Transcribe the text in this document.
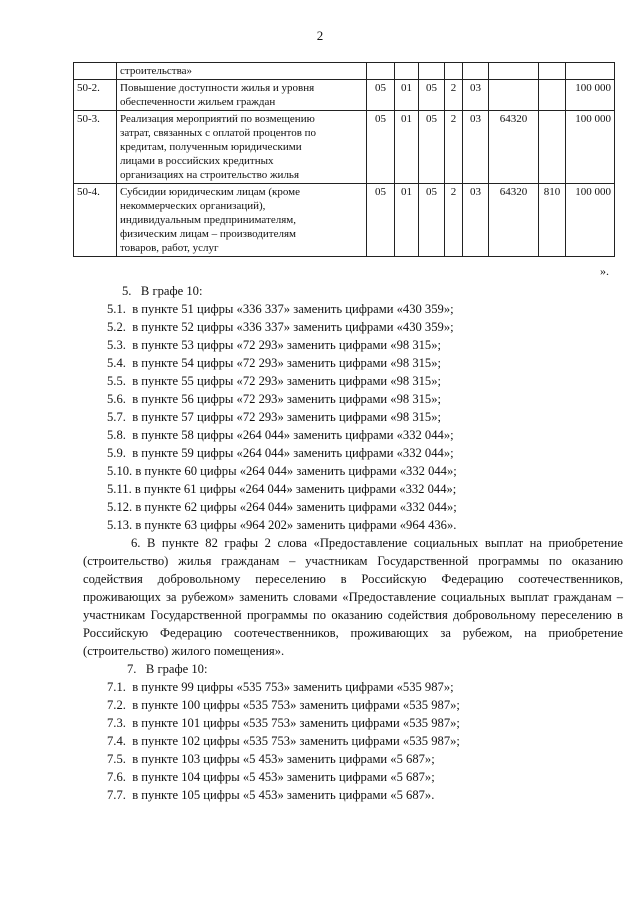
2

	строительства»								

50-2.	Повышение доступности жилья и уровня
обеспеченности жильем граждан	05	01	05	2	03			100 000
50-3.	Реализация мероприятий по возмещению
затрат, связанных с оплатой процентов по
кредитам, полученным юридическими
лицами в российских кредитных
организациях на строительство жилья	05	01	05	2	03	64320		100 000
50-4.	Субсидии юридическим лицам (кроме
некоммерческих организаций),
индивидуальным предпринимателям,
физическим лицам – производителям
товаров, работ, услуг	05	01	05	2	03	64320	810	100 000
».
5.   В графе 10:
5.1.  в пункте 51 цифры «336 337» заменить цифрами «430 359»;
5.2.  в пункте 52 цифры «336 337» заменить цифрами «430 359»;
5.3.  в пункте 53 цифры «72 293» заменить цифрами «98 315»;
5.4.  в пункте 54 цифры «72 293» заменить цифрами «98 315»;
5.5.  в пункте 55 цифры «72 293» заменить цифрами «98 315»;
5.6.  в пункте 56 цифры «72 293» заменить цифрами «98 315»;
5.7.  в пункте 57 цифры «72 293» заменить цифрами «98 315»;
5.8.  в пункте 58 цифры «264 044» заменить цифрами «332 044»;
5.9.  в пункте 59 цифры «264 044» заменить цифрами «332 044»;
5.10. в пункте 60 цифры «264 044» заменить цифрами «332 044»;
5.11. в пункте 61 цифры «264 044» заменить цифрами «332 044»;
5.12. в пункте 62 цифры «264 044» заменить цифрами «332 044»;
5.13. в пункте 63 цифры «964 202» заменить цифрами «964 436».
6. В пункте 82 графы 2 слова «Предоставление социальных выплат на приобретение (строительство) жилья гражданам – участникам Государственной программы по оказанию содействия добровольному переселению в Российскую Федерацию соотечественников, проживающих за рубежом» заменить словами «Предоставление социальных выплат гражданам – участникам Государственной программы по оказанию содействия добровольному переселению в Российскую Федерацию соотечественников, проживающих за рубежом, на приобретение (строительство) жилого помещения».
7.   В графе 10:
7.1.  в пункте 99 цифры «535 753» заменить цифрами «535 987»;
7.2.  в пункте 100 цифры «535 753» заменить цифрами «535 987»;
7.3.  в пункте 101 цифры «535 753» заменить цифрами «535 987»;
7.4.  в пункте 102 цифры «535 753» заменить цифрами «535 987»;
7.5.  в пункте 103 цифры «5 453» заменить цифрами «5 687»;
7.6.  в пункте 104 цифры «5 453» заменить цифрами «5 687»;
7.7.  в пункте 105 цифры «5 453» заменить цифрами «5 687».
